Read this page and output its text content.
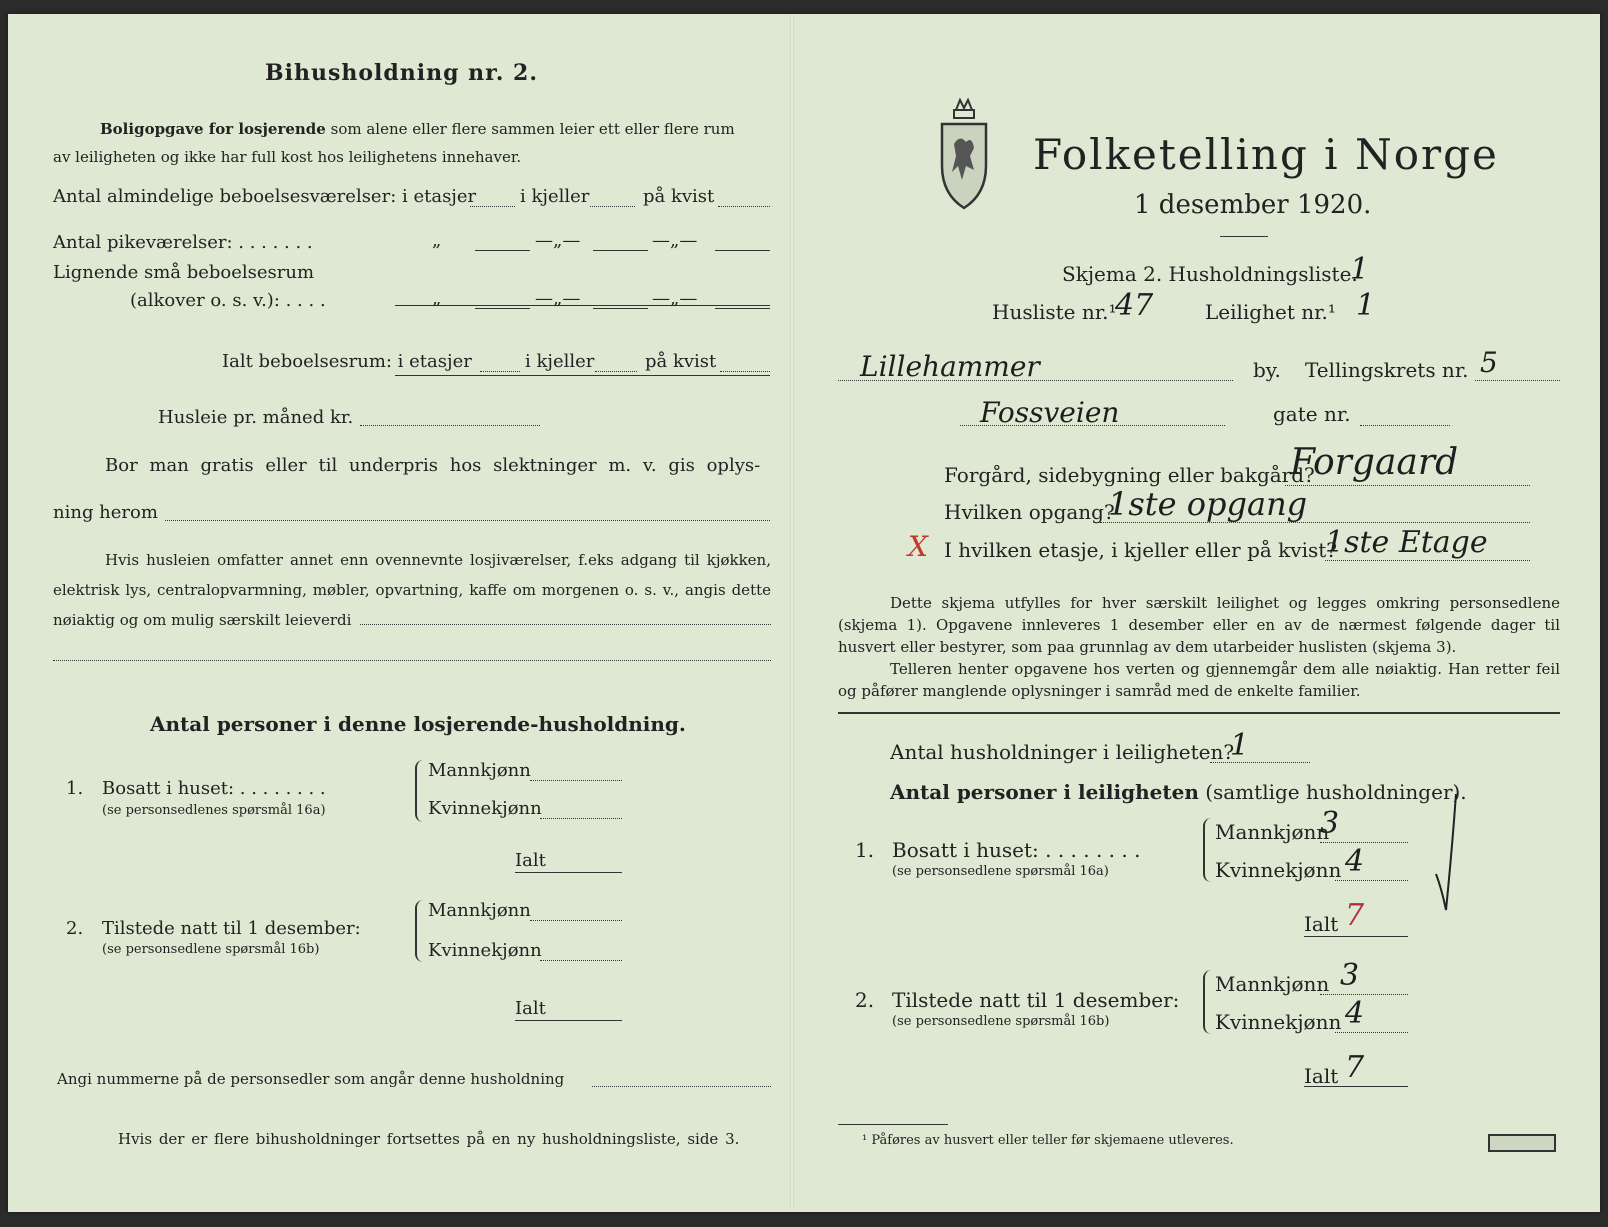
Bihusholdning nr. 2.
Boligopgave for losjerende som alene eller flere sammen leier ett eller flere rum
av leiligheten og ikke har full kost hos leilighetens innehaver.
Antal almindelige beboelsesværelser: i etasjer i kjeller	på kvist
Antal pikeværelser: . . . . . . .	„	—„—	—„—
Lignende små beboelsesrum
(alkover o. s. v.): . . . .	„	—„—	—„—
Ialt beboelsesrum: i etasjer	i kjeller	på kvist
Husleie pr. måned kr.
Bor man gratis eller til underpris hos slektninger m. v. gis oplys-
ning herom
Hvis husleien omfatter annet enn ovennevnte losjiværelser, f.eks adgang til kjøkken, elektrisk lys, centralopvarmning, møbler, opvartning, kaffe om morgenen o. s. v., angis dette nøiaktig og om mulig særskilt leieverdi
Antal personer i denne losjerende-husholdning.
1. Bosatt i huset: . . . . . . . .
(se personsedlenes spørsmål 16a)
Mannkjønn
Kvinnekjønn
Ialt
2. Tilstede natt til 1 desember:
(se personsedlene spørsmål 16b)
Mannkjønn
Kvinnekjønn
Ialt
Angi nummerne på de personsedler som angår denne husholdning
Hvis der er flere bihusholdninger fortsettes på en ny husholdningsliste, side 3.
Folketelling i Norge
1 desember 1920.
Skjema 2. Husholdningsliste.
1
Husliste nr.¹
47	Leilighet nr.¹ 1
Lillehammer	by. Tellingskrets nr. 5
Fossveien	gate nr.
Forgård, sidebygning eller bakgård?
Forgaard
Hvilken opgang?
1ste opgang
X I hvilken etasje, i kjeller eller på kvist?
1ste Etage
Dette skjema utfylles for hver særskilt leilighet og legges omkring personsedlene (skjema 1). Opgavene innleveres 1 desember eller en av de nærmest følgende dager til husvert eller bestyrer, som paa grunnlag av dem utarbeider huslisten (skjema 3).
Telleren henter opgavene hos verten og gjennemgår dem alle nøiaktig. Han retter feil og påfører manglende oplysninger i samråd med de enkelte familier.
Antal husholdninger i leiligheten?
1
Antal personer i leiligheten (samtlige husholdninger).
1. Bosatt i huset: . . . . . . . .
(se personsedlene spørsmål 16a)
Mannkjønn
3
Kvinnekjønn 4
Ialt 7
2. Tilstede natt til 1 desember:
(se personsedlene spørsmål 16b)
Mannkjønn 3
Kvinnekjønn 4
Ialt 7
¹ Påføres av husvert eller teller før skjemaene utleveres.
